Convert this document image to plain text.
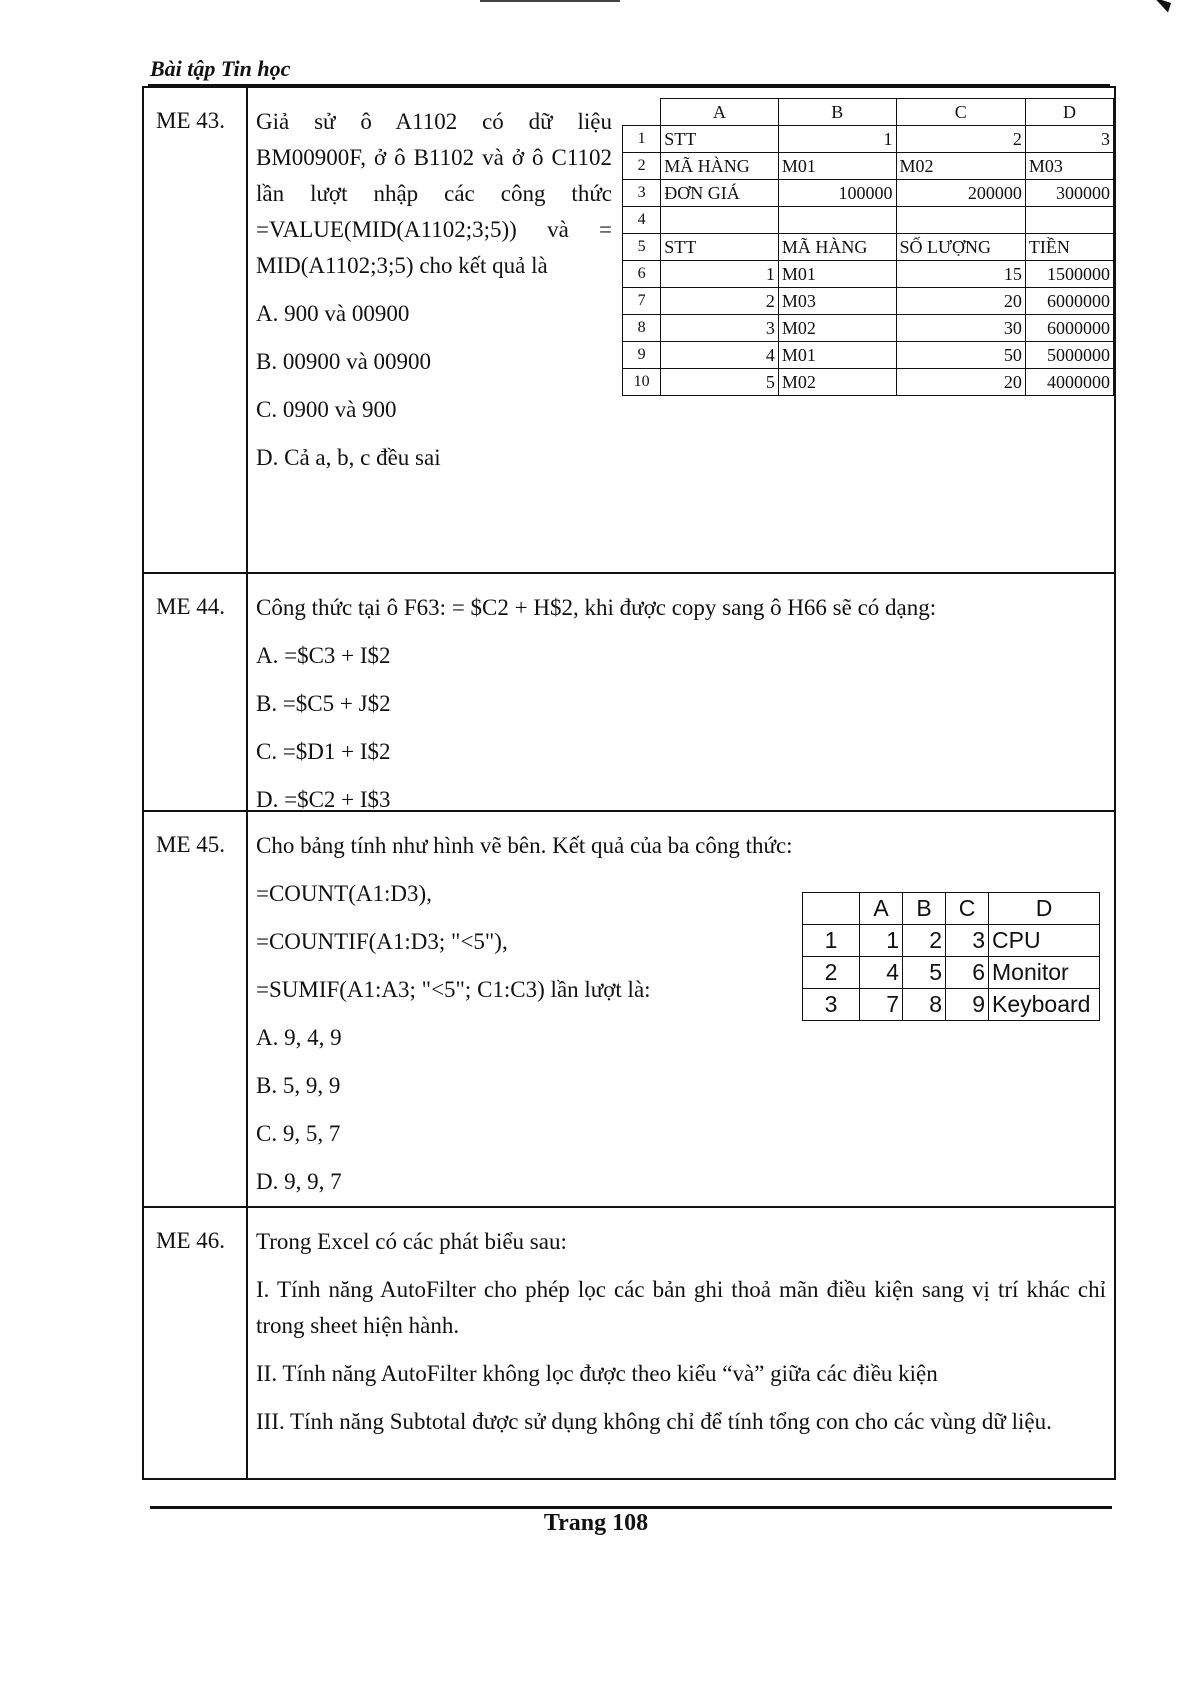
Bài tập Tin học
ME 43. Giả sử ô A1102 có dữ liệu BM00900F, ở ô B1102 và ở ô C1102 lần lượt nhập các công thức =VALUE(MID(A1102;3;5)) và = MID(A1102;3;5) cho kết quả là

A. 900 và 00900

B. 00900 và 00900

C. 0900 và 900

D. Cả a, b, c đều sai

	A	B	C	D
1	STT	1	2	3
2	MÃ HÀNG	M01	M02	M03
3	ĐƠN GIÁ	100000	200000	300000
4				
5	STT	MÃ HÀNG	SỐ LƯỢNG	TIỀN
6	1	M01	15	1500000
7	2	M03	20	6000000
8	3	M02	30	6000000
9	4	M01	50	5000000
10	5	M02	20	4000000
ME 44. Công thức tại ô F63: = $C2 + H$2, khi được copy sang ô H66 sẽ có dạng:

A. =$C3 + I$2

B. =$C5 + J$2

C. =$D1 + I$2

D. =$C2 + I$3

ME 45. Cho bảng tính như hình vẽ bên. Kết quả của ba công thức:

=COUNT(A1:D3),

=COUNTIF(A1:D3; "<5"),

=SUMIF(A1:A3; "<5"; C1:C3) lần lượt là:

A. 9, 4, 9

B. 5, 9, 9

C. 9, 5, 7

D. 9, 9, 7

	A	B	C	D
1	1	2	3	CPU
2	4	5	6	Monitor
3	7	8	9	Keyboard
ME 46. Trong Excel có các phát biểu sau:

I. Tính năng AutoFilter cho phép lọc các bản ghi thoả mãn điều kiện sang vị trí khác chỉ trong sheet hiện hành.

II. Tính năng AutoFilter không lọc được theo kiểu “và” giữa các điều kiện

III. Tính năng Subtotal được sử dụng không chỉ để tính tổng con cho các vùng dữ liệu.

Trang 108
